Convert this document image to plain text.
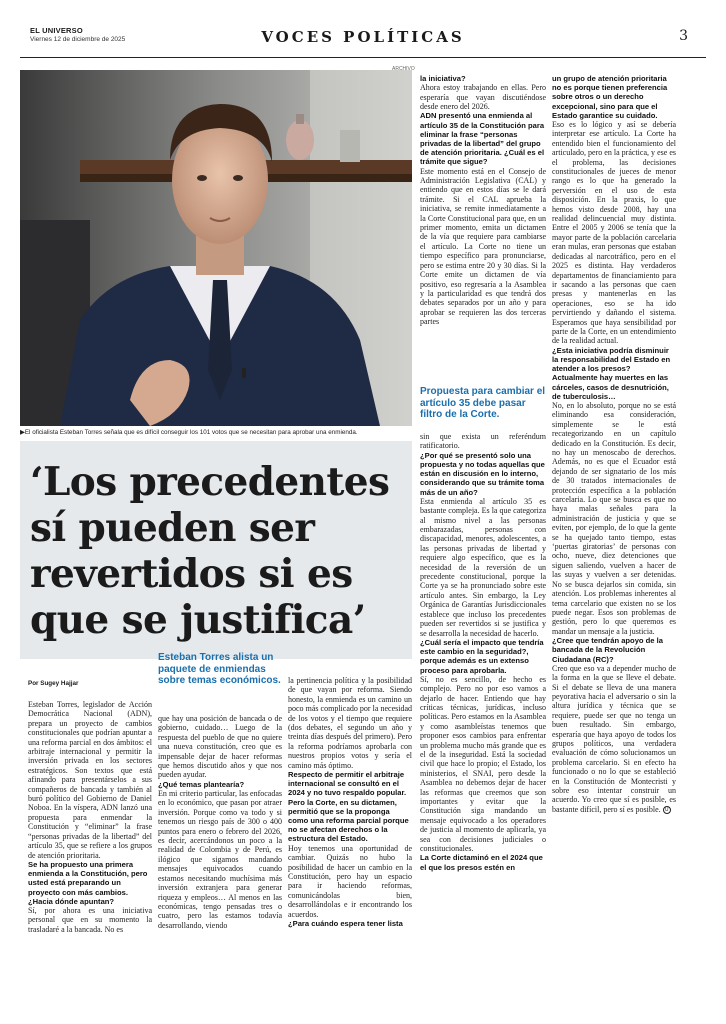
EL UNIVERSO
Viernes 12 de diciembre de 2025	VOCES POLÍTICAS	3
ARCHIVO
▶El oficialista Esteban Torres señala que es difícil conseguir los 101 votos que se necesitan para aprobar una enmienda.
‘Los precedentes sí pueden ser revertidos si es que se justifica’
Por Sugey Hajjar
Esteban Torres alista un paquete de enmiendas sobre temas económicos.

Esteban Torres, legislador de Acción Democrática Nacional (ADN), prepara un proyecto de cambios constitucionales que podrían apuntar a una reforma parcial en dos ámbitos: el arbitraje internacional y permitir la inversión privada en los sectores estratégicos. Son textos que está afinando para presentárselos a sus compañeros de bancada y también al buró político del Gobierno de Daniel Noboa. En la víspera, ADN lanzó una propuesta para enmendar la Constitución y “eliminar” la frase “personas privadas de la libertad” del artículo 35, que se refiere a los grupos de atención prioritaria.

Se ha propuesto una primera enmienda a la Constitución, pero usted está preparando un proyecto con más cambios. ¿Hacia dónde apuntan?

Sí, por ahora es una iniciativa personal que en su momento la trasladaré a la bancada. No es

que hay una posición de bancada o de gobierno, cuidado… Luego de la respuesta del pueblo de que no quiere una nueva constitución, creo que es impensable dejar de hacer reformas que hemos discutido años y que nos pueden ayudar.

¿Qué temas plantearía?

En mi criterio particular, las enfocadas en lo económico, que pasan por atraer inversión. Porque como va todo y si tenemos un riesgo país de 300 o 400 puntos para enero o febrero del 2026, es decir, acercándonos un poco a la realidad de Colombia y de Perú, es ilógico que sigamos mandando mensajes equivocados cuando estamos necesitando muchísima más inversión extranjera para generar riqueza y empleos… Al menos en las económicas, tengo pensadas tres o cuatro, pero las estamos todavía desarrollando, viendo

la pertinencia política y la posibilidad de que vayan por reforma. Siendo honesto, la enmienda es un camino un poco más complicado por la necesidad de los votos y el tiempo que requiere (dos debates, el segundo un año y treinta días después del primero). Pero la reforma podríamos aprobarla con nuestros propios votos y sería el camino más óptimo.

Respecto de permitir el arbitraje internacional se consultó en el 2024 y no tuvo respaldo popular. Pero la Corte, en su dictamen, permitió que se la proponga como una reforma parcial porque no se afectan derechos o la estructura del Estado.

Hoy tenemos una oportunidad de cambiar. Quizás no hubo la posibilidad de hacer un cambio en la Constitución, pero hay un espacio para ir haciendo reformas, comunicándolas bien, desarrollándolas e ir encontrando los acuerdos.

¿Para cuándo espera tener lista

la iniciativa?

Ahora estoy trabajando en ellas. Pero esperaría que vayan discutiéndose desde enero del 2026.

ADN presentó una enmienda al artículo 35 de la Constitución para eliminar la frase “personas privadas de la libertad” del grupo de atención prioritaria. ¿Cuál es el trámite que sigue?

Este momento está en el Consejo de Administración Legislativa (CAL) y entiendo que en estos días se le dará trámite. Si el CAL aprueba la iniciativa, se remite inmediatamente a la Corte Constitucional para que, en un primer momento, emita un dictamen de la vía que requiere para cambiarse el artículo. La Corte no tiene un tiempo específico para pronunciarse, pero se estima entre 20 y 30 días. Si la Corte emite un dictamen de vía positivo, eso regresaría a la Asamblea y la particularidad es que tendrá dos debates separados por un año y para aprobar se requieren las dos terceras partes

Propuesta para cambiar el artículo 35 debe pasar filtro de la Corte.

sin que exista un referéndum ratificatorio.

¿Por qué se presentó solo una propuesta y no todas aquellas que están en discusión en lo interno, considerando que su trámite toma más de un año?

Esta enmienda al artículo 35 es bastante compleja. Es la que categoriza al mismo nivel a las personas embarazadas, personas con discapacidad, menores, adolescentes, a las personas privadas de libertad y requiere algo específico, que es la necesidad de la reversión de un precedente constitucional, porque la Corte ya se ha pronunciado sobre este artículo antes. Sin embargo, la Ley Orgánica de Garantías Jurisdiccionales establece que incluso los precedentes pueden ser revertidos si se justifica y se desarrolla la necesidad de hacerlo.

¿Cuál sería el impacto que tendría este cambio en la seguridad?, porque además es un extenso proceso para aprobarla.

Sí, no es sencillo, de hecho es complejo. Pero no por eso vamos a dejarlo de hacer. Entiendo que hay críticas técnicas, jurídicas, incluso políticas. Pero estamos en la Asamblea y como asambleístas tenemos que proponer esos cambios para enfrentar un problema mucho más grande que es el de la inseguridad. Está la sociedad civil que hace lo propio; el Estado, los ministerios, el SNAI, pero desde la Asamblea no debemos dejar de hacer las reformas que creemos que son importantes y evitar que la Constitución siga mandando un mensaje equivocado a los operadores de justicia al momento de aplicarla, ya sea con decisiones judiciales o constitucionales.

La Corte dictaminó en el 2024 que el que los presos estén en

un grupo de atención prioritaria no es porque tienen preferencia sobre otros o un derecho excepcional, sino para que el Estado garantice su cuidado.

Eso es lo lógico y así se debería interpretar ese artículo. La Corte ha entendido bien el funcionamiento del articulado, pero en la práctica, y ese es el problema, las decisiones constitucionales de jueces de menor rango es lo que ha generado la perversión en el uso de esta disposición. En la praxis, lo que hemos visto desde 2008, hay una realidad delincuencial muy distinta. Entre el 2005 y 2006 se tenía que la mayor parte de la población carcelaria eran mulas, eran personas que estaban dedicadas al narcotráfico, pero en el 2025 es distinta. Hay verdaderos departamentos de financiamiento para ir sacando a las personas que caen presas y mantenerlas en las operaciones, eso se ha ido pervirtiendo y dañando el sistema. Esperamos que haya sensibilidad por parte de la Corte, en un entendimiento de la realidad actual.

¿Esta iniciativa podría disminuir la responsabilidad del Estado en atender a los presos? Actualmente hay muertes en las cárceles, casos de desnutrición, de tuberculosis…

No, en lo absoluto, porque no se está eliminando esa consideración, simplemente se le está recategorizando en un capítulo dedicado en la Constitución. Es decir, no hay un menoscabo de derechos. Además, no es que el Ecuador está dejando de ser signatario de los más de 30 tratados internacionales de protección específica a la población carcelaria. Lo que se busca es que no haya malas señales para la administración de justicia y que se eviten, por ejemplo, de lo que la gente se ha quejado tanto tiempo, estas ‘puertas giratorias’ de personas con ocho, nueve, diez detenciones que siguen saliendo, vuelven a hacer de las suyas y vuelven a ser detenidas. No se busca dejarlos sin comida, sin atención. Los problemas inherentes al tema carcelario que existen no se los puede negar. Esos son problemas de gestión, pero lo que queremos es mandar un mensaje a la justicia.

¿Cree que tendrán apoyo de la bancada de la Revolución Ciudadana (RC)?

Creo que eso va a depender mucho de la forma en la que se lleve el debate. Si el debate se lleva de una manera peyorativa hacia el adversario o sin la altura jurídica y técnica que se requiere, puede ser que no tenga un buen resultado. Sin embargo, esperaría que haya apoyo de todos los grupos políticos, una verdadera evaluación de cómo solucionamos un problema carcelario. Si en efecto ha funcionado o no lo que se estableció en la Constitución de Montecristi y sobre eso intentar construir un acuerdo. Yo creo que sí es posible, es bastante difícil, pero sí es posible. U
